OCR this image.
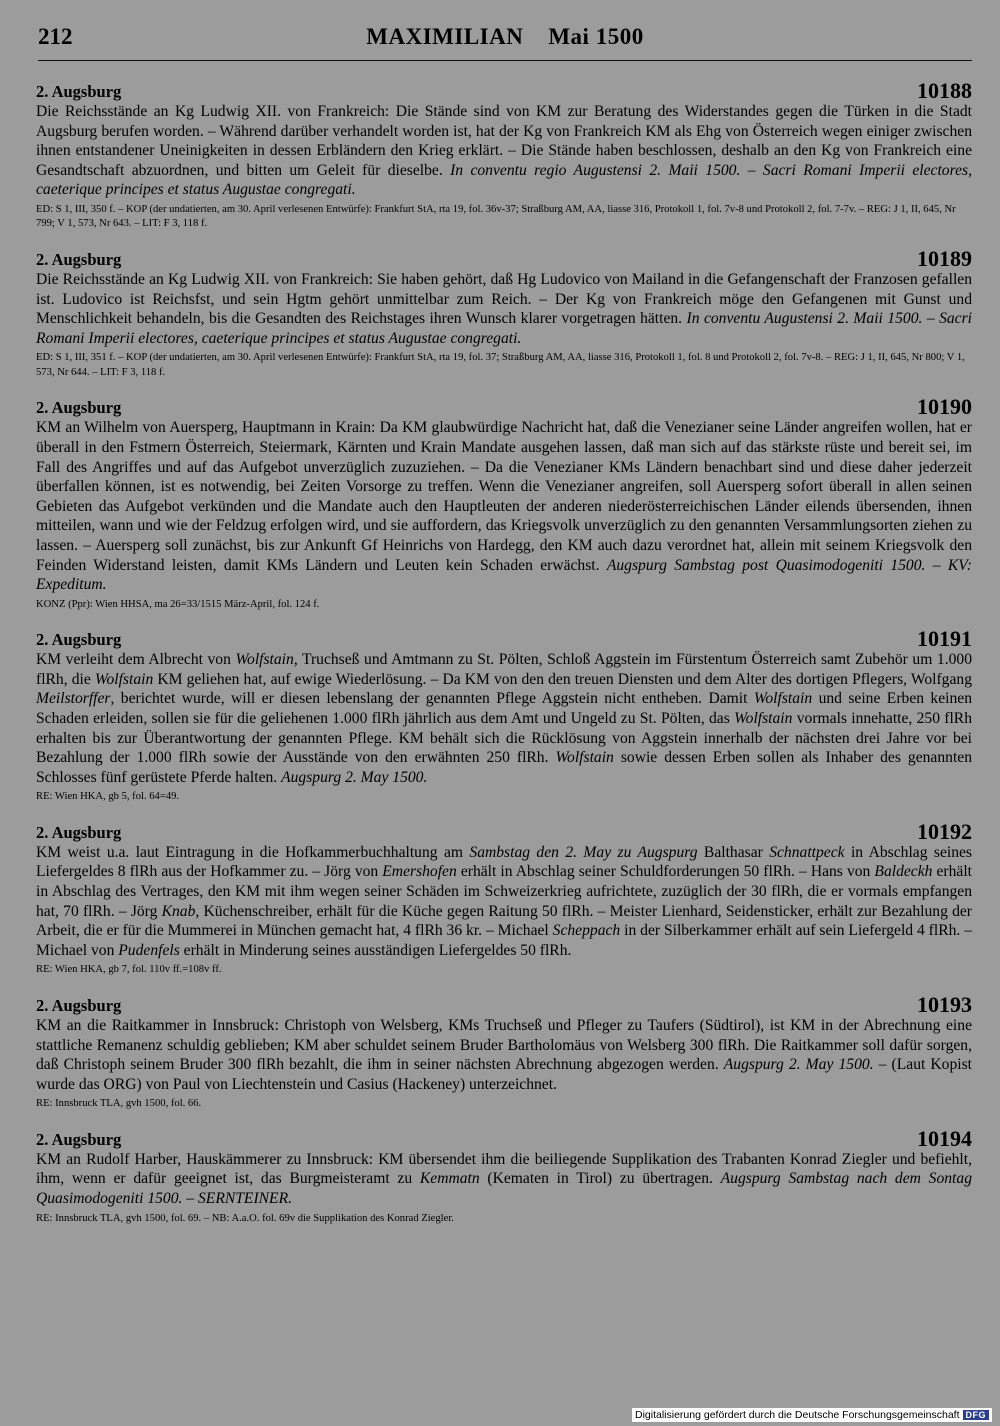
212	MAXIMILIAN    Mai 1500
2. Augsburg	10188

Die Reichsstände an Kg Ludwig XII. von Frankreich: Die Stände sind von KM zur Beratung des Widerstandes gegen die Türken in die Stadt Augsburg berufen worden. – Während darüber verhandelt worden ist, hat der Kg von Frankreich KM als Ehg von Österreich wegen einiger zwischen ihnen entstandener Uneinigkeiten in dessen Erbländern den Krieg erklärt. – Die Stände haben beschlossen, deshalb an den Kg von Frankreich eine Gesandtschaft abzuordnen, und bitten um Geleit für dieselbe. In conventu regio Augustensi 2. Maii 1500. – Sacri Romani Imperii electores, caeterique principes et status Augustae congregati.

ED: S 1, III, 350 f. – KOP (der undatierten, am 30. April verlesenen Entwürfe): Frankfurt StA, rta 19, fol. 36v-37; Straßburg AM, AA, liasse 316, Protokoll 1, fol. 7v-8 und Protokoll 2, fol. 7-7v. – REG: J 1, II, 645, Nr 799; V 1, 573, Nr 643. – LIT: F 3, 118 f.

2. Augsburg	10189

Die Reichsstände an Kg Ludwig XII. von Frankreich: Sie haben gehört, daß Hg Ludovico von Mailand in die Gefangenschaft der Franzosen gefallen ist. Ludovico ist Reichsfst, und sein Hgtm gehört unmittelbar zum Reich. – Der Kg von Frankreich möge den Gefangenen mit Gunst und Menschlichkeit behandeln, bis die Gesandten des Reichstages ihren Wunsch klarer vorgetragen hätten. In conventu Augustensi 2. Maii 1500. – Sacri Romani Imperii electores, caeterique principes et status Augustae congregati.

ED: S 1, III, 351 f. – KOP (der undatierten, am 30. April verlesenen Entwürfe): Frankfurt StA, rta 19, fol. 37; Straßburg AM, AA, liasse 316, Protokoll 1, fol. 8 und Protokoll 2, fol. 7v-8. – REG: J 1, II, 645, Nr 800; V 1, 573, Nr 644. – LIT: F 3, 118 f.

2. Augsburg	10190

KM an Wilhelm von Auersperg, Hauptmann in Krain: Da KM glaubwürdige Nachricht hat, daß die Venezianer seine Länder angreifen wollen, hat er überall in den Fstmern Österreich, Steiermark, Kärnten und Krain Mandate ausgehen lassen, daß man sich auf das stärkste rüste und bereit sei, im Fall des Angriffes und auf das Aufgebot unverzüglich zuzuziehen. – Da die Venezianer KMs Ländern benachbart sind und diese daher jederzeit überfallen können, ist es notwendig, bei Zeiten Vorsorge zu treffen. Wenn die Venezianer angreifen, soll Auersperg sofort überall in allen seinen Gebieten das Aufgebot verkünden und die Mandate auch den Hauptleuten der anderen niederösterreichischen Länder eilends übersenden, ihnen mitteilen, wann und wie der Feldzug erfolgen wird, und sie auffordern, das Kriegsvolk unverzüglich zu den genannten Versammlungsorten ziehen zu lassen. – Auersperg soll zunächst, bis zur Ankunft Gf Heinrichs von Hardegg, den KM auch dazu verordnet hat, allein mit seinem Kriegsvolk den Feinden Widerstand leisten, damit KMs Ländern und Leuten kein Schaden erwächst. Augspurg Sambstag post Quasimodogeniti 1500. – KV: Expeditum.

KONZ (Ppr): Wien HHSA, ma 26=33/1515 März-April, fol. 124 f.

2. Augsburg	10191

KM verleiht dem Albrecht von Wolfstain, Truchseß und Amtmann zu St. Pölten, Schloß Aggstein im Fürstentum Österreich samt Zubehör um 1.000 flRh, die Wolfstain KM geliehen hat, auf ewige Wiederlösung. – Da KM von den den treuen Diensten und dem Alter des dortigen Pflegers, Wolfgang Meilstorffer, berichtet wurde, will er diesen lebenslang der genannten Pflege Aggstein nicht entheben. Damit Wolfstain und seine Erben keinen Schaden erleiden, sollen sie für die geliehenen 1.000 flRh jährlich aus dem Amt und Ungeld zu St. Pölten, das Wolfstain vormals innehatte, 250 flRh erhalten bis zur Überantwortung der genannten Pflege. KM behält sich die Rücklösung von Aggstein innerhalb der nächsten drei Jahre vor bei Bezahlung der 1.000 flRh sowie der Ausstände von den erwähnten 250 flRh. Wolfstain sowie dessen Erben sollen als Inhaber des genannten Schlosses fünf gerüstete Pferde halten. Augspurg 2. May 1500.

RE: Wien HKA, gb 5, fol. 64=49.

2. Augsburg	10192

KM weist u.a. laut Eintragung in die Hofkammerbuchhaltung am Sambstag den 2. May zu Augspurg Balthasar Schnattpeck in Abschlag seines Liefergeldes 8 flRh aus der Hofkammer zu. – Jörg von Emershofen erhält in Abschlag seiner Schuldforderungen 50 flRh. – Hans von Baldeckh erhält in Abschlag des Vertrages, den KM mit ihm wegen seiner Schäden im Schweizerkrieg aufrichtete, zuzüglich der 30 flRh, die er vormals empfangen hat, 70 flRh. – Jörg Knab, Küchenschreiber, erhält für die Küche gegen Raitung 50 flRh. – Meister Lienhard, Seidensticker, erhält zur Bezahlung der Arbeit, die er für die Mummerei in München gemacht hat, 4 flRh 36 kr. – Michael Scheppach in der Silberkammer erhält auf sein Liefergeld 4 flRh. – Michael von Pudenfels erhält in Minderung seines ausständigen Liefergeldes 50 flRh.

RE: Wien HKA, gb 7, fol. 110v ff.=108v ff.

2. Augsburg	10193

KM an die Raitkammer in Innsbruck: Christoph von Welsberg, KMs Truchseß und Pfleger zu Taufers (Südtirol), ist KM in der Abrechnung eine stattliche Remanenz schuldig geblieben; KM aber schuldet seinem Bruder Bartholomäus von Welsberg 300 flRh. Die Raitkammer soll dafür sorgen, daß Christoph seinem Bruder 300 flRh bezahlt, die ihm in seiner nächsten Abrechnung abgezogen werden. Augspurg 2. May 1500. – (Laut Kopist wurde das ORG) von Paul von Liechtenstein und Casius (Hackeney) unterzeichnet.

RE: Innsbruck TLA, gvh 1500, fol. 66.

2. Augsburg	10194

KM an Rudolf Harber, Hauskämmerer zu Innsbruck: KM übersendet ihm die beiliegende Supplikation des Trabanten Konrad Ziegler und befiehlt, ihm, wenn er dafür geeignet ist, das Burgmeisteramt zu Kemmatn (Kematen in Tirol) zu übertragen. Augspurg Sambstag nach dem Sontag Quasimodogeniti 1500. – SERNTEINER.

RE: Innsbruck TLA, gvh 1500, fol. 69. – NB: A.a.O. fol. 69v die Supplikation des Konrad Ziegler.

Digitalisierung gefördert durch die Deutsche Forschungsgemeinschaft DFG
